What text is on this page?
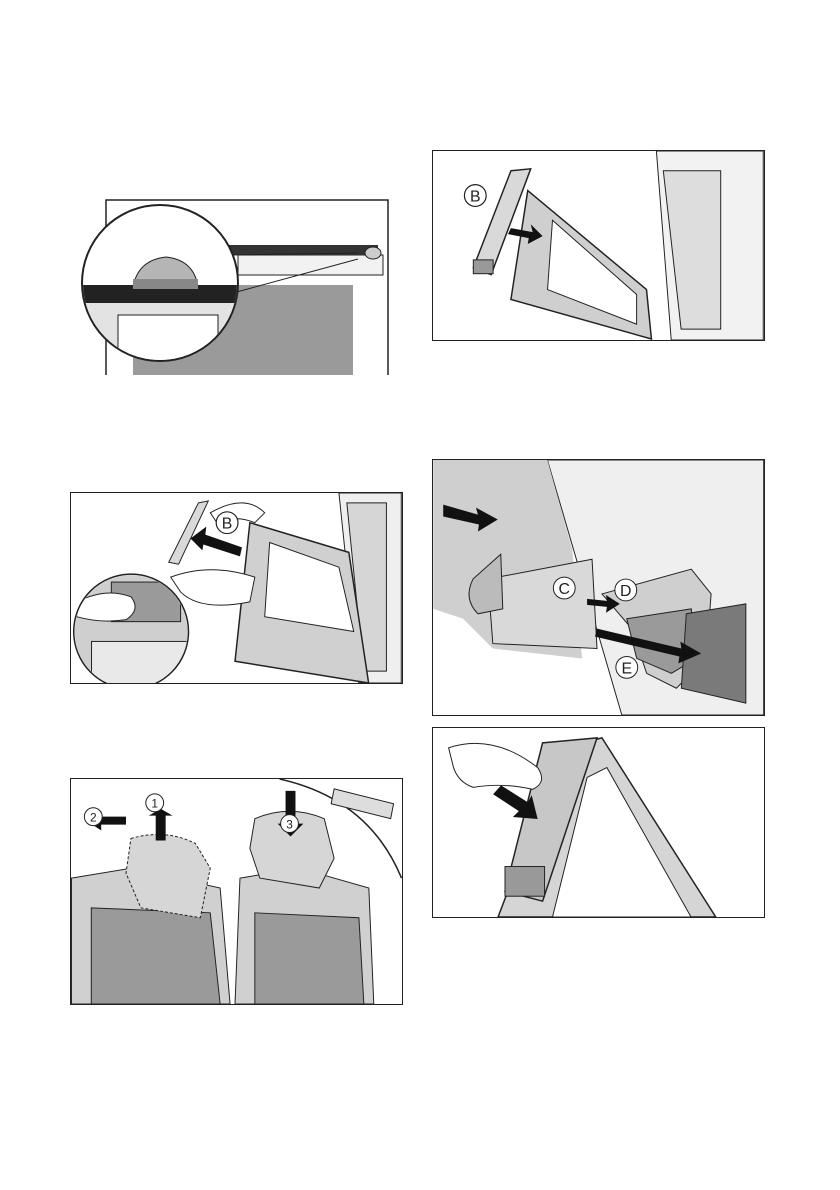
B
B
1
2	3
C	D
E
